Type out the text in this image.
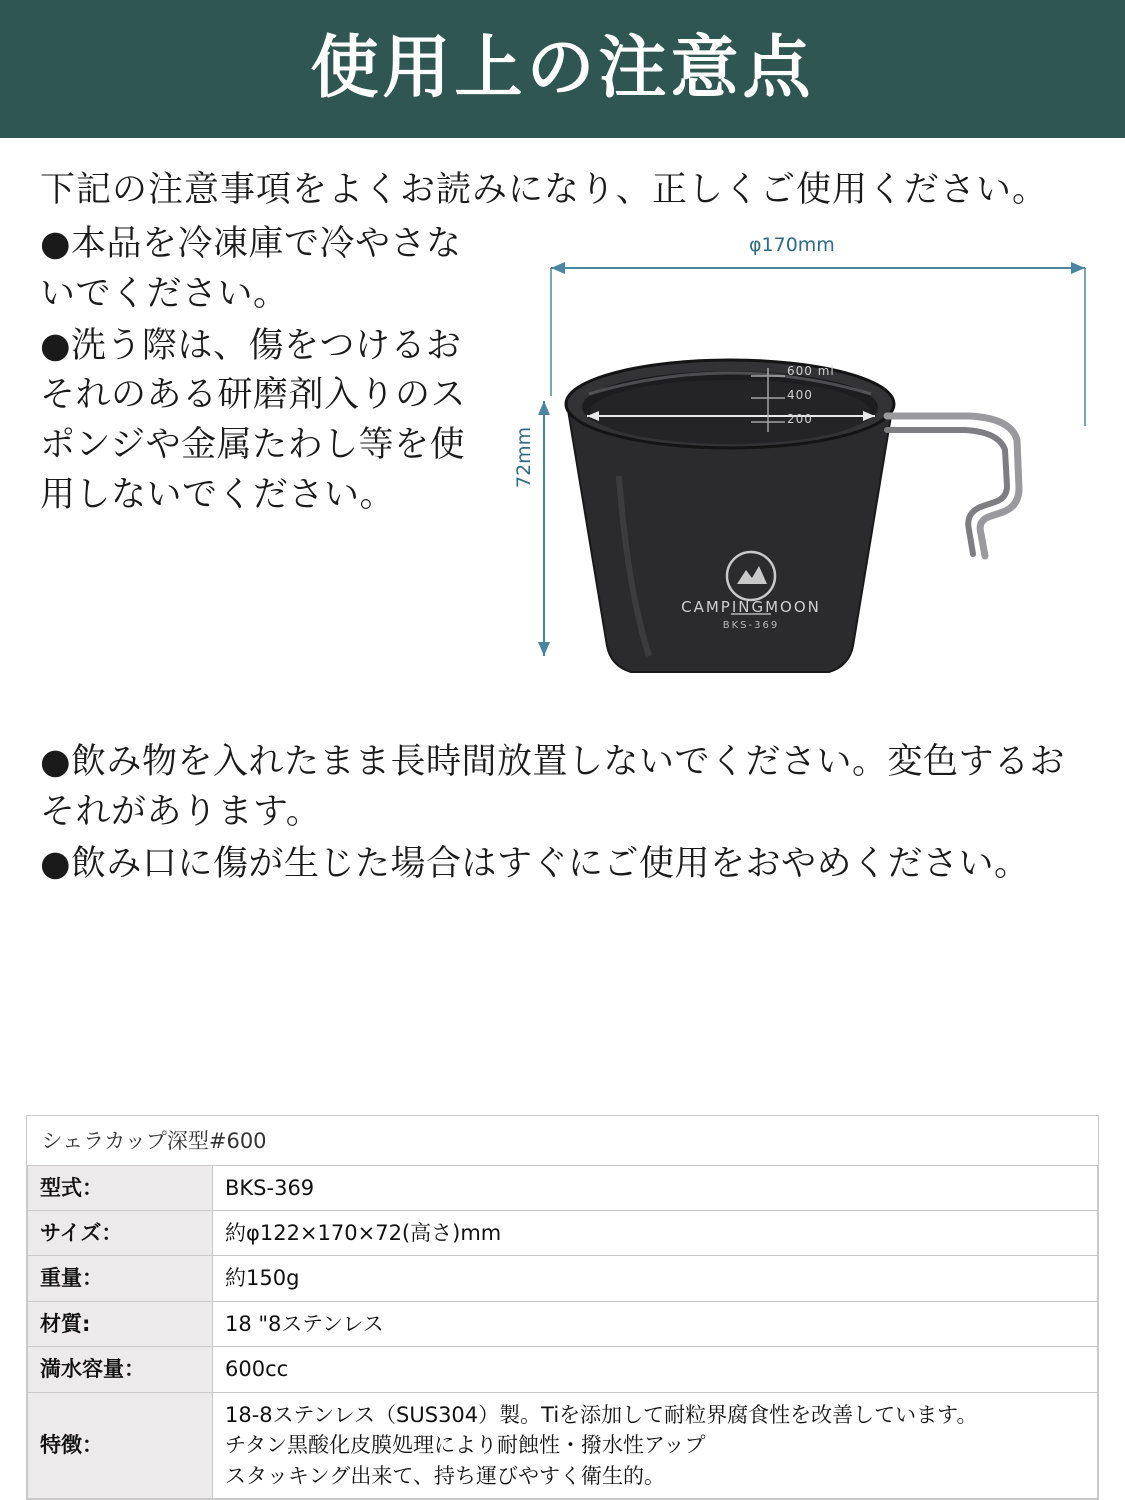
使用上の注意点

下記の注意事項をよくお読みになり、正しくご使用ください。

φ170mm
72mm
φ122mm
600 ml
400
200
CAMPINGMOON
BKS-369

●本品を冷凍庫で冷やさないでください。

●洗う際は、傷をつけるおそれのある研磨剤入りのスポンジや金属たわし等を使用しないでください。

●飲み物を入れたまま長時間放置しないでください。変色するおそれがあります。

●飲み口に傷が生じた場合はすぐにご使用をおやめください。

シェラカップ深型#600	
型式：	BKS-369
サイズ：	約φ122×170×72(高さ)mm
重量：	約150g
材質:	18 "8ステンレス
満水容量：	600cc
特徴：	18-8ステンレス（SUS304）製。Tiを添加して耐粒界腐食性を改善しています。
チタン黒酸化皮膜処理により耐蝕性・撥水性アップ
スタッキング出来て、持ち運びやすく衛生的。
